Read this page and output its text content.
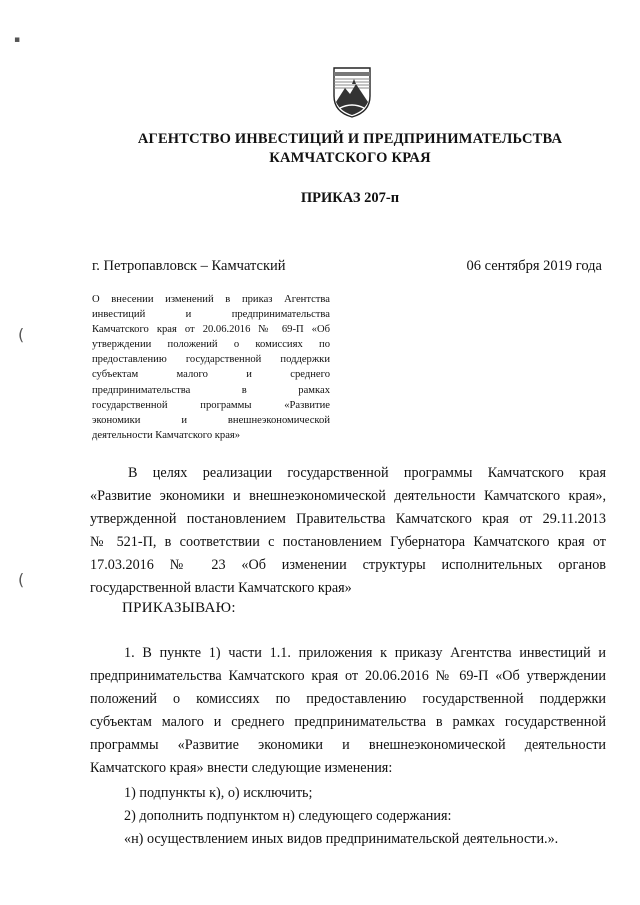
АГЕНТСТВО ИНВЕСТИЦИЙ И ПРЕДПРИНИМАТЕЛЬСТВА
КАМЧАТСКОГО КРАЯ
ПРИКАЗ 207-п
г. Петропавловск – Камчатский	06 сентября 2019 года
О внесении изменений в приказ Агентства
инвестиций и предпринимательства
Камчатского края от 20.06.2016 № 69-П «Об
утверждении положений о комиссиях по
предоставлению государственной поддержки
субъектам малого и среднего
предпринимательства в рамках
государственной программы «Развитие
экономики и внешнеэкономической
деятельности Камчатского края»
В целях реализации государственной программы Камчатского края
«Развитие экономики и внешнеэкономической деятельности Камчатского края»,
утвержденной постановлением Правительства Камчатского края от 29.11.2013
№ 521-П, в соответствии с постановлением Губернатора Камчатского края от
17.03.2016 № 23 «Об изменении структуры исполнительных органов
государственной власти Камчатского края»
ПРИКАЗЫВАЮ:
1. В пункте 1) части 1.1. приложения к приказу Агентства инвестиций и
предпринимательства Камчатского края от 20.06.2016 № 69-П «Об утверждении
положений о комиссиях по предоставлению государственной поддержки
субъектам малого и среднего предпринимательства в рамках государственной
программы «Развитие экономики и внешнеэкономической деятельности
Камчатского края» внести следующие изменения:
1) подпункты к), о) исключить;
2) дополнить подпунктом н) следующего содержания:
«н) осуществлением иных видов предпринимательской деятельности.».
▪
(
(
